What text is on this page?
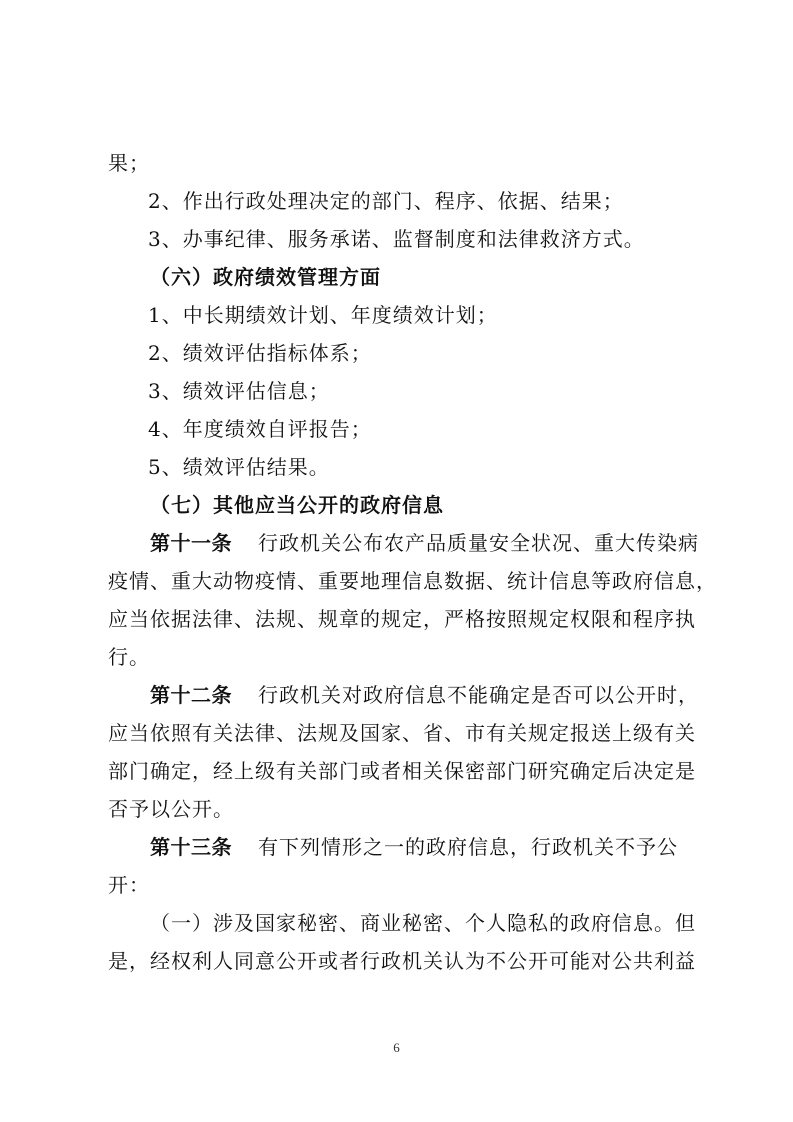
果；
2、作出行政处理决定的部门、程序、依据、结果；
3、办事纪律、服务承诺、监督制度和法律救济方式。
（六）政府绩效管理方面
1、中长期绩效计划、年度绩效计划；
2、绩效评估指标体系；
3、绩效评估信息；
4、年度绩效自评报告；
5、绩效评估结果。
（七）其他应当公开的政府信息
第十一条 行政机关公布农产品质量安全状况、重大传染病
疫情、重大动物疫情、重要地理信息数据、统计信息等政府信息，
应当依据法律、法规、规章的规定，严格按照规定权限和程序执
行。
第十二条 行政机关对政府信息不能确定是否可以公开时，
应当依照有关法律、法规及国家、省、市有关规定报送上级有关
部门确定，经上级有关部门或者相关保密部门研究确定后决定是
否予以公开。
第十三条 有下列情形之一的政府信息，行政机关不予公
开：
（一）涉及国家秘密、商业秘密、个人隐私的政府信息。但
是，经权利人同意公开或者行政机关认为不公开可能对公共利益
6
